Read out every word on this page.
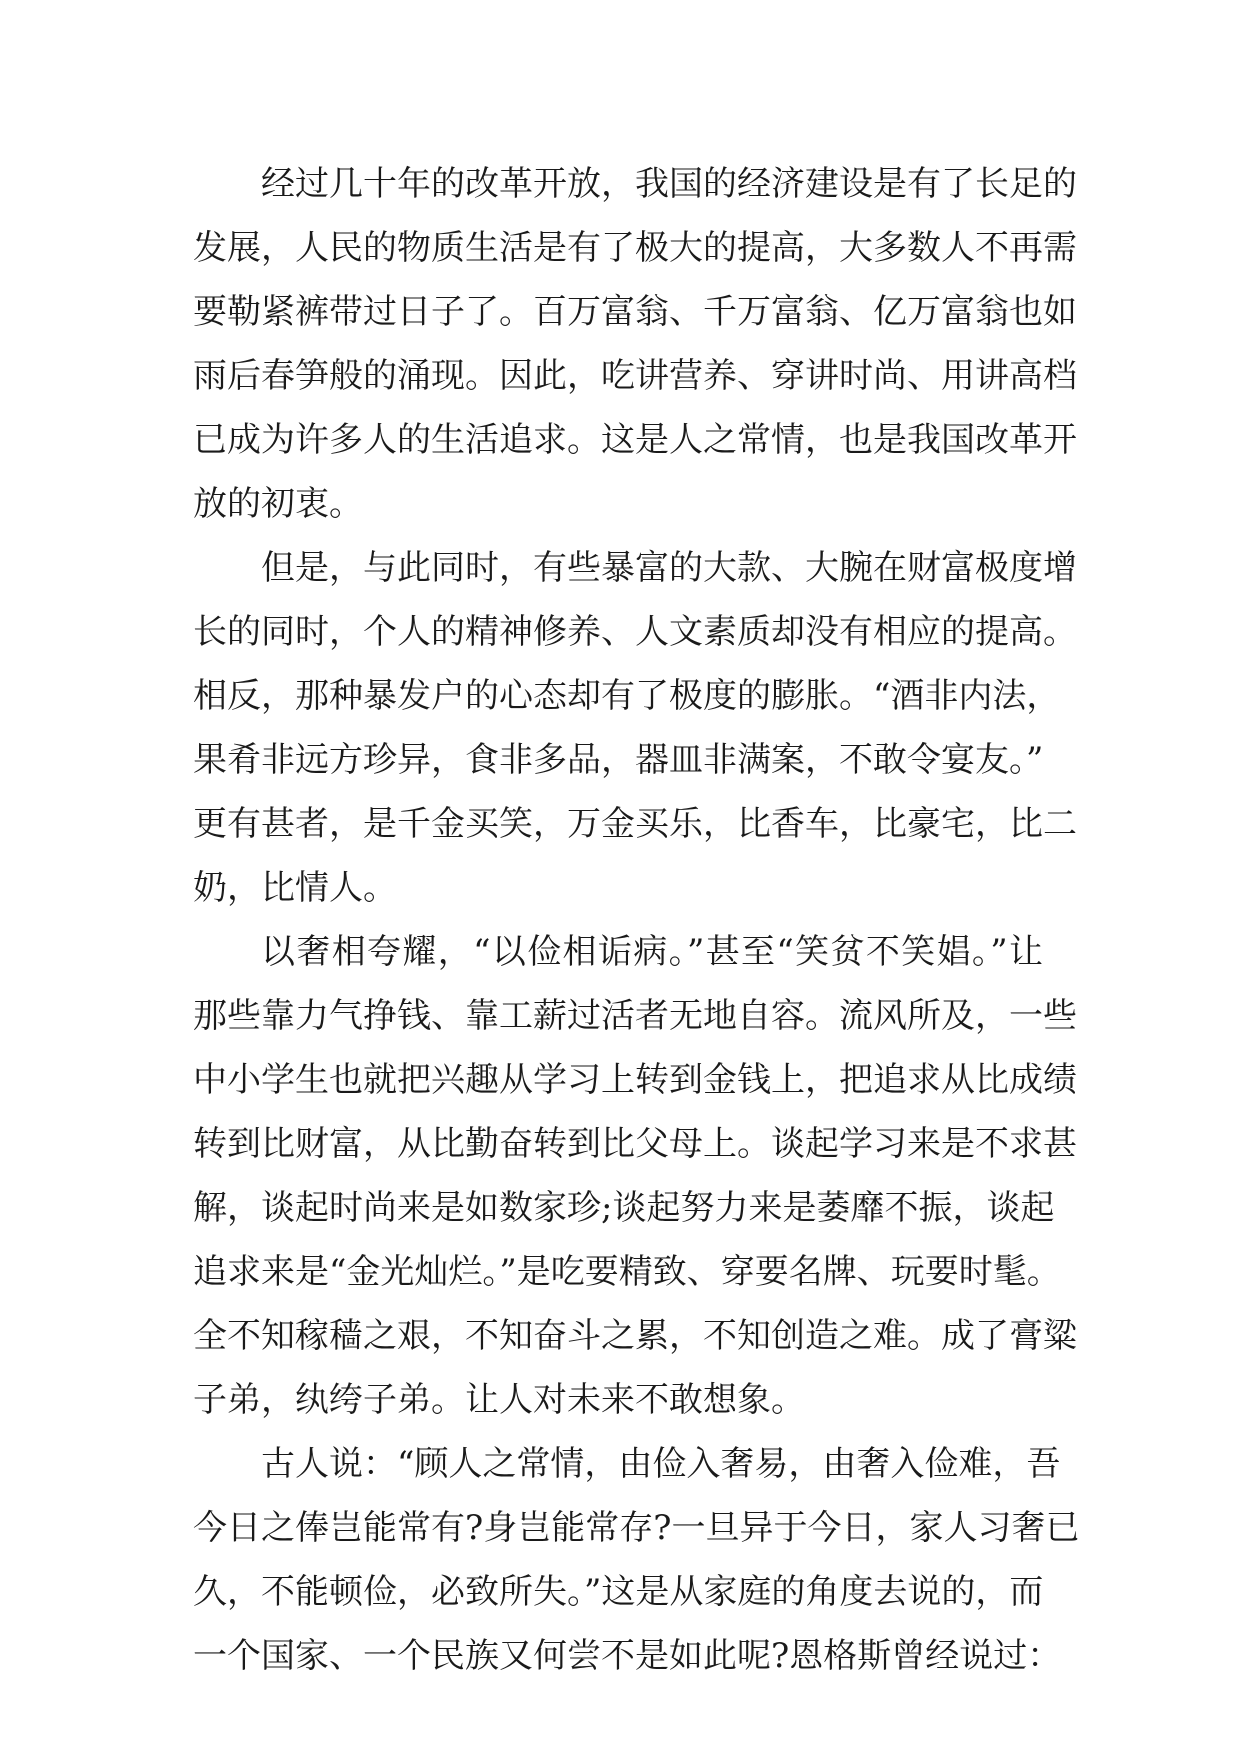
经过几十年的改革开放，我国的经济建设是有了长足的
发展，人民的物质生活是有了极大的提高，大多数人不再需
要勒紧裤带过日子了。百万富翁、千万富翁、亿万富翁也如
雨后春笋般的涌现。因此，吃讲营养、穿讲时尚、用讲高档
已成为许多人的生活追求。这是人之常情，也是我国改革开
放的初衷。
但是，与此同时，有些暴富的大款、大腕在财富极度增
长的同时，个人的精神修养、人文素质却没有相应的提高。
相反，那种暴发户的心态却有了极度的膨胀。“酒非内法，
果肴非远方珍异，食非多品，器皿非满案，不敢令宴友。”
更有甚者，是千金买笑，万金买乐，比香车，比豪宅，比二
奶，比情人。
以奢相夸耀，“以俭相诟病。”甚至“笑贫不笑娼。”让
那些靠力气挣钱、靠工薪过活者无地自容。流风所及，一些
中小学生也就把兴趣从学习上转到金钱上，把追求从比成绩
转到比财富，从比勤奋转到比父母上。谈起学习来是不求甚
解，谈起时尚来是如数家珍;谈起努力来是萎靡不振，谈起
追求来是“金光灿烂。”是吃要精致、穿要名牌、玩要时髦。
全不知稼穑之艰，不知奋斗之累，不知创造之难。成了膏粱
子弟，纨绔子弟。让人对未来不敢想象。
古人说：“顾人之常情，由俭入奢易，由奢入俭难，吾
今日之俸岂能常有?身岂能常存?一旦异于今日，家人习奢已
久，不能顿俭，必致所失。”这是从家庭的角度去说的，而
一个国家、一个民族又何尝不是如此呢?恩格斯曾经说过：
